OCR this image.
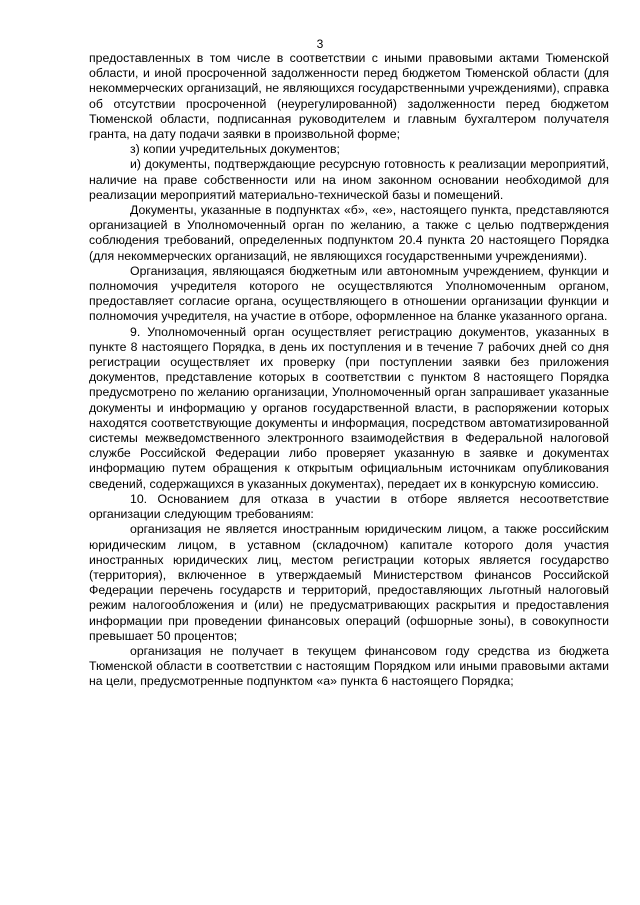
3

предоставленных в том числе в соответствии с иными правовыми актами Тюменской области, и иной просроченной задолженности перед бюджетом Тюменской области (для некоммерческих организаций, не являющихся государственными учреждениями), справка об отсутствии просроченной (неурегулированной) задолженности перед бюджетом Тюменской области, подписанная руководителем и главным бухгалтером получателя гранта, на дату подачи заявки в произвольной форме;

з) копии учредительных документов;

и) документы, подтверждающие ресурсную готовность к реализации мероприятий, наличие на праве собственности или на ином законном основании необходимой для реализации мероприятий материально-технической базы и помещений.

Документы, указанные в подпунктах «б», «е», настоящего пункта, представляются организацией в Уполномоченный орган по желанию, а также с целью подтверждения соблюдения требований, определенных подпунктом 20.4 пункта 20 настоящего Порядка (для некоммерческих организаций, не являющихся государственными учреждениями).

Организация, являющаяся бюджетным или автономным учреждением, функции и полномочия учредителя которого не осуществляются Уполномоченным органом, предоставляет согласие органа, осуществляющего в отношении организации функции и полномочия учредителя, на участие в отборе, оформленное на бланке указанного органа.

9. Уполномоченный орган осуществляет регистрацию документов, указанных в пункте 8 настоящего Порядка, в день их поступления и в течение 7 рабочих дней со дня регистрации осуществляет их проверку (при поступлении заявки без приложения документов, представление которых в соответствии с пунктом 8 настоящего Порядка предусмотрено по желанию организации, Уполномоченный орган запрашивает указанные документы и информацию у органов государственной власти, в распоряжении которых находятся соответствующие документы и информация, посредством автоматизированной системы межведомственного электронного взаимодействия в Федеральной налоговой службе Российской Федерации либо проверяет указанную в заявке и документах информацию путем обращения к открытым официальным источникам опубликования сведений, содержащихся в указанных документах), передает их в конкурсную комиссию.

10. Основанием для отказа в участии в отборе является несоответствие организации следующим требованиям:

организация не является иностранным юридическим лицом, а также российским юридическим лицом, в уставном (складочном) капитале которого доля участия иностранных юридических лиц, местом регистрации которых является государство (территория), включенное в утверждаемый Министерством финансов Российской Федерации перечень государств и территорий, предоставляющих льготный налоговый режим налогообложения и (или) не предусматривающих раскрытия и предоставления информации при проведении финансовых операций (офшорные зоны), в совокупности превышает 50 процентов;

организация не получает в текущем финансовом году средства из бюджета Тюменской области в соответствии с настоящим Порядком или иными правовыми актами на цели, предусмотренные подпунктом «а» пункта 6 настоящего Порядка;
